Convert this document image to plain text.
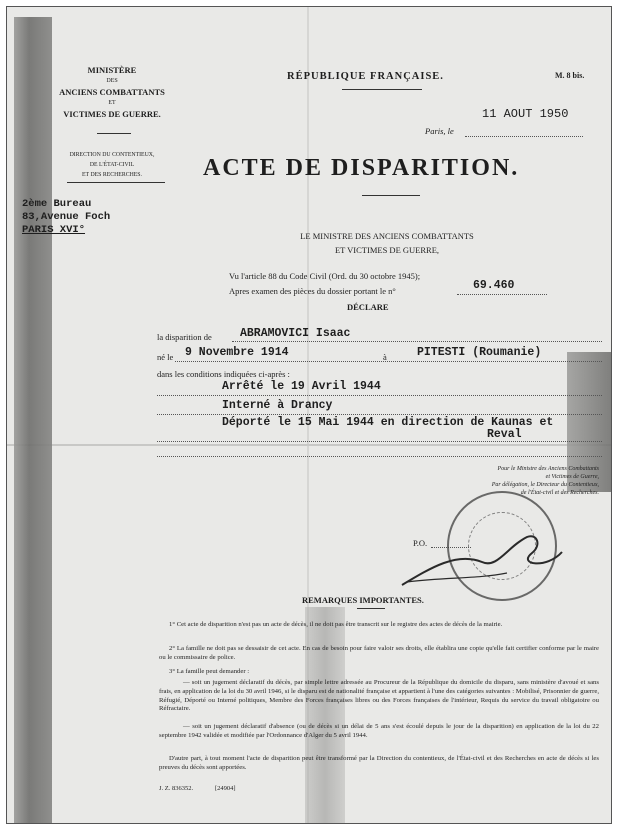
MINISTÈRE
DES
ANCIENS COMBATTANTS
ET
VICTIMES DE GUERRE.
DIRECTION DU CONTENTIEUX,
DE L'ÉTAT-CIVIL
ET DES RECHERCHES.
2ème Bureau
83,Avenue Foch
PARIS XVI°
RÉPUBLIQUE FRANÇAISE.	M. 8 bis.
11 AOUT 1950
Paris, le
ACTE DE DISPARITION.
LE MINISTRE DES ANCIENS COMBATTANTS
ET VICTIMES DE GUERRE,
Vu l'article 88 du Code Civil (Ord. du 30 octobre 1945);
Apres examen des pièces du dossier portant le n°	69.460
DÉCLARE
la disparition de ABRAMOVICI Isaac
né le 9 Novembre 1914	à	PITESTI (Roumanie)
dans les conditions indiquées ci-après :
Arrêté le 19 Avril 1944
Interné à Drancy
Déporté le 15 Mai 1944 en direction de Kaunas et
Reval
Pour le Ministre des Anciens Combattants
et Victimes de Guerre,
Par délégation, le Directeur du Contentieux,
de l'État-civil et des Recherches.
P.O.
REMARQUES IMPORTANTES.
1° Cet acte de disparition n'est pas un acte de décès, il ne doit pas être transcrit sur le registre des actes de décès de la mairie.
2° La famille ne doit pas se dessaisir de cet acte. En cas de besoin pour faire valoir ses droits, elle établira une copie qu'elle fait certifier conforme par le maire ou le commissaire de police.
3° La famille peut demander :
— soit un jugement déclaratif du décès, par simple lettre adressée au Procureur de la République du domicile du disparu, sans ministère d'avoué et sans frais, en application de la loi du 30 avril 1946, si le disparu est de nationalité française et appartient à l'une des catégories suivantes : Mobilisé, Prisonnier de guerre, Réfugié, Déporté ou Interné politiques, Membre des Forces françaises libres ou des Forces françaises de l'intérieur, Requis du service du travail obligatoire ou Réfractaire.
— soit un jugement déclaratif d'absence (ou de décès si un délai de 5 ans s'est écoulé depuis le jour de la disparition) en application de la loi du 22 septembre 1942 validée et modifiée par l'Ordonnance d'Alger du 5 avril 1944.
D'autre part, à tout moment l'acte de disparition peut être transformé par la Direction du contentieux, de l'État-civil et des Recherches en acte de décès si les preuves du décès sont apportées.
J. Z. 836352.	[24904]
